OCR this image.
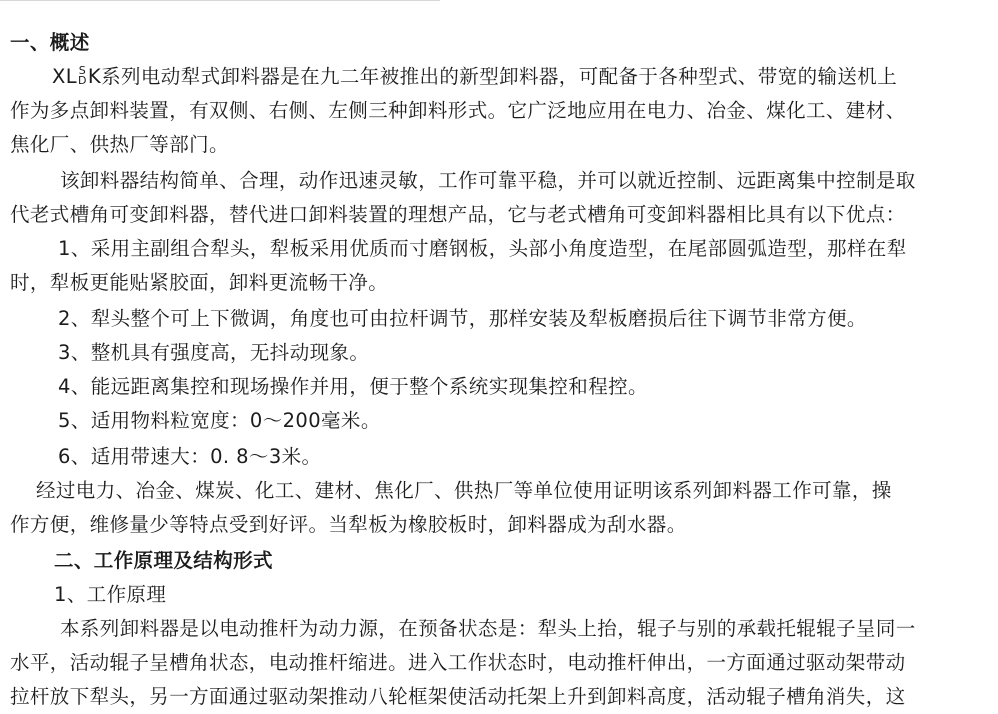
一、概述

XL S
D K系列电动犁式卸料器是在九二年被推出的新型卸料器，可配备于各种型式、带宽的输送机上

作为多点卸料装置，有双侧、右侧、左侧三种卸料形式。它广泛地应用在电力、冶金、煤化工、建材、

焦化厂、供热厂等部门。

该卸料器结构简单、合理，动作迅速灵敏，工作可靠平稳，并可以就近控制、远距离集中控制是取

代老式槽角可变卸料器，替代进口卸料装置的理想产品，它与老式槽角可变卸料器相比具有以下优点：

1、采用主副组合犁头，犁板采用优质而寸磨钢板，头部小角度造型，在尾部圆弧造型，那样在犁

时，犁板更能贴紧胶面，卸料更流畅干净。

2、犁头整个可上下微调，角度也可由拉杆调节，那样安装及犁板磨损后往下调节非常方便。

3、整机具有强度高，无抖动现象。

4、能远距离集控和现场操作并用，便于整个系统实现集控和程控。

5、适用物料粒宽度：0～200毫米。

6、适用带速大：0. 8～3米。

经过电力、冶金、煤炭、化工、建材、焦化厂、供热厂等单位使用证明该系列卸料器工作可靠，操

作方便，维修量少等特点受到好评。当犁板为橡胶板时，卸料器成为刮水器。

二、工作原理及结构形式

1、工作原理

本系列卸料器是以电动推杆为动力源，在预备状态是：犁头上抬，辊子与别的承载托辊辊子呈同一

水平，活动辊子呈槽角状态，电动推杆缩进。进入工作状态时，电动推杆伸出，一方面通过驱动架带动

拉杆放下犁头，另一方面通过驱动架推动八轮框架使活动托架上升到卸料高度，活动辊子槽角消失，这
